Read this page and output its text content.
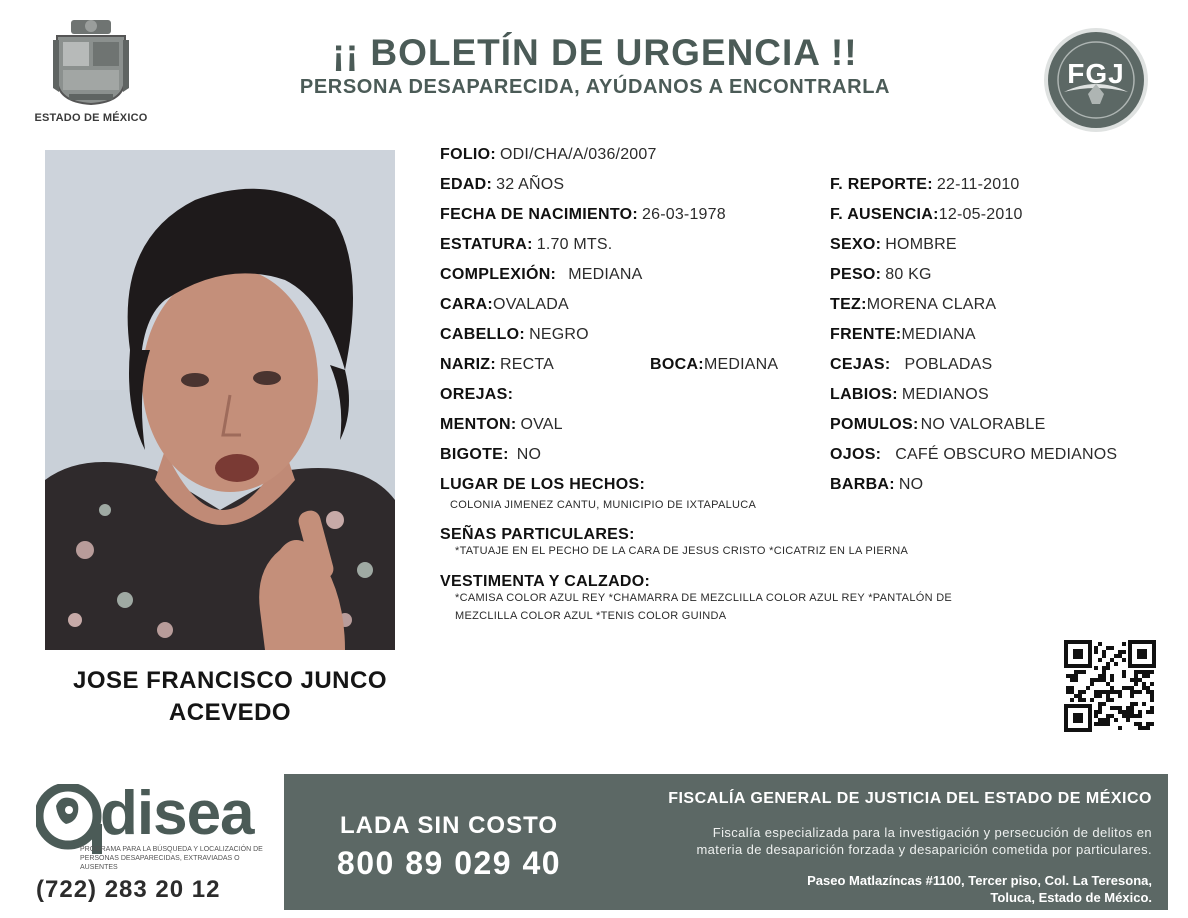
ESTADO DE MÉXICO
¡¡ BOLETÍN DE URGENCIA !!
PERSONA DESAPARECIDA, AYÚDANOS A ENCONTRARLA	FGJ
JOSE FRANCISCO JUNCO
ACEVEDO
FOLIO: ODI/CHA/A/036/2007
EDAD: 32 AÑOS
FECHA DE NACIMIENTO: 26-03-1978
ESTATURA: 1.70 MTS.
COMPLEXIÓN: MEDIANA
CARA:OVALADA
CABELLO: NEGRO
NARIZ: RECTA	BOCA:MEDIANA
OREJAS:
MENTON: OVAL
BIGOTE: NO
LUGAR DE LOS HECHOS:
COLONIA JIMENEZ CANTU, MUNICIPIO DE IXTAPALUCA
SEÑAS PARTICULARES:
*TATUAJE EN EL PECHO DE LA CARA DE JESUS CRISTO *CICATRIZ EN LA PIERNA
VESTIMENTA Y CALZADO:
*CAMISA COLOR AZUL REY *CHAMARRA DE MEZCLILLA COLOR AZUL REY *PANTALÓN DE
MEZCLILLA COLOR AZUL *TENIS COLOR GUINDA
F. REPORTE: 22-11-2010
F. AUSENCIA:12-05-2010
SEXO: HOMBRE
PESO: 80 KG
TEZ:MORENA CLARA
FRENTE:MEDIANA
CEJAS: POBLADAS
LABIOS: MEDIANOS
POMULOS: NO VALORABLE
OJOS: CAFÉ OBSCURO MEDIANOS
BARBA: NO
disea
PROGRAMA PARA LA BÚSQUEDA Y LOCALIZACIÓN DE PERSONAS DESAPARECIDAS, EXTRAVIADAS O AUSENTES
(722) 283 20 12
LADA SIN COSTO
800 89 029 40
FISCALÍA GENERAL DE JUSTICIA DEL ESTADO DE MÉXICO
Fiscalía especializada para la investigación y persecución de delitos en
materia de desaparición forzada y desaparición cometida por particulares.
Paseo Matlazíncas #1100, Tercer piso, Col. La Teresona,
Toluca, Estado de México.
